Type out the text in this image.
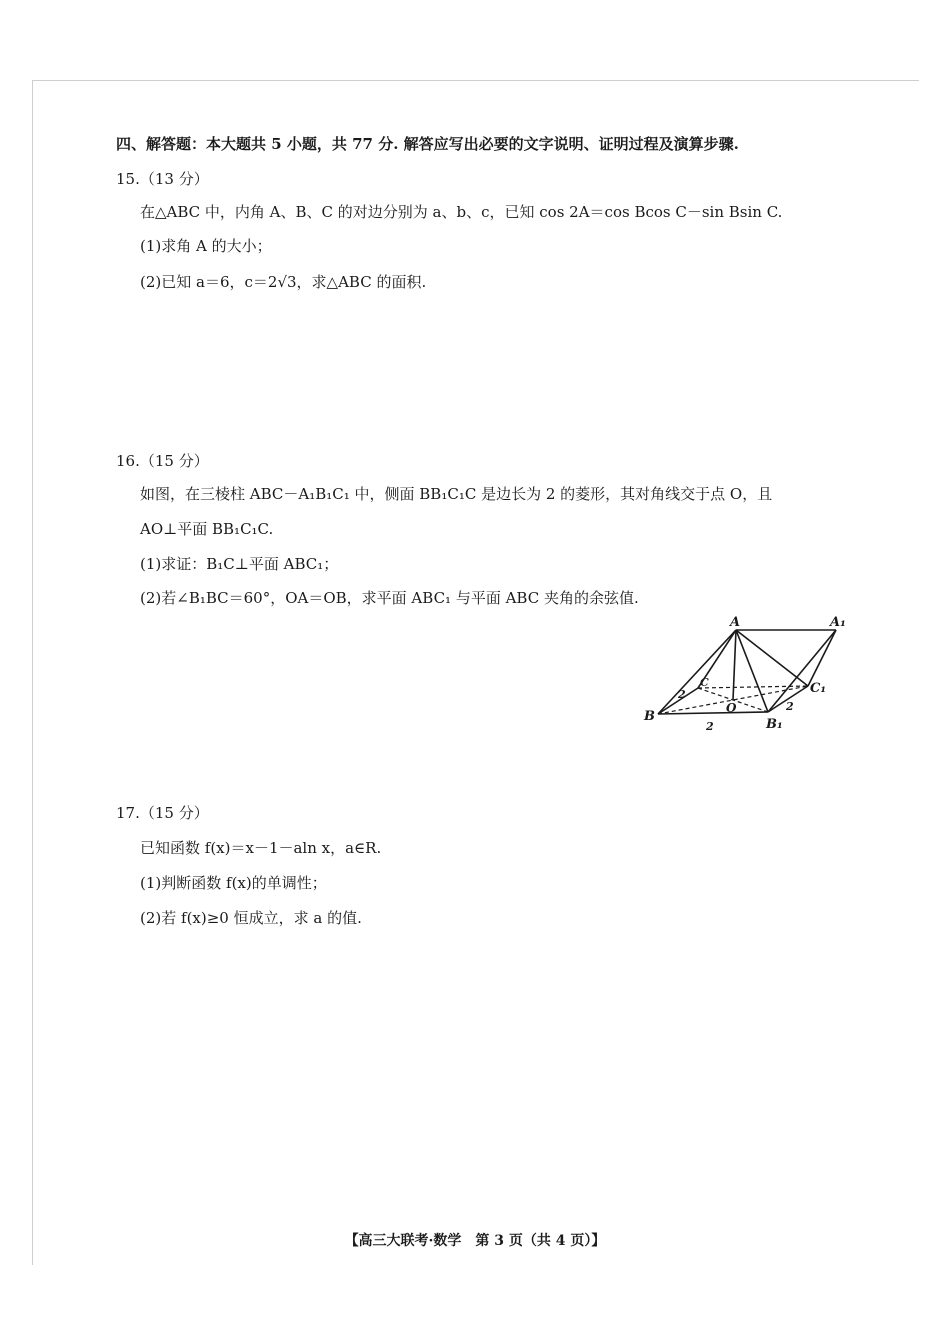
四、解答题：本大题共 5 小题，共 77 分. 解答应写出必要的文字说明、证明过程及演算步骤.
15.（13 分）
在△ABC 中，内角 A、B、C 的对边分别为 a、b、c，已知 cos 2A＝cos Bcos C－sin Bsin C.
(1)求角 A 的大小；
(2)已知 a＝6，c＝2√3，求△ABC 的面积.
16.（15 分）
如图，在三棱柱 ABC－A₁B₁C₁ 中，侧面 BB₁C₁C 是边长为 2 的菱形，其对角线交于点 O，且
AO⊥平面 BB₁C₁C.
(1)求证：B₁C⊥平面 ABC₁；
(2)若∠B₁BC＝60°，OA＝OB，求平面 ABC₁ 与平面 ABC 夹角的余弦值.
A	A₁
B
B₁
C	C₁
O
2
2
2
17.（15 分）
已知函数 f(x)＝x－1－aln x，a∈R.
(1)判断函数 f(x)的单调性；
(2)若 f(x)≥0 恒成立，求 a 的值.
【高三大联考·数学　第 3 页（共 4 页）】
